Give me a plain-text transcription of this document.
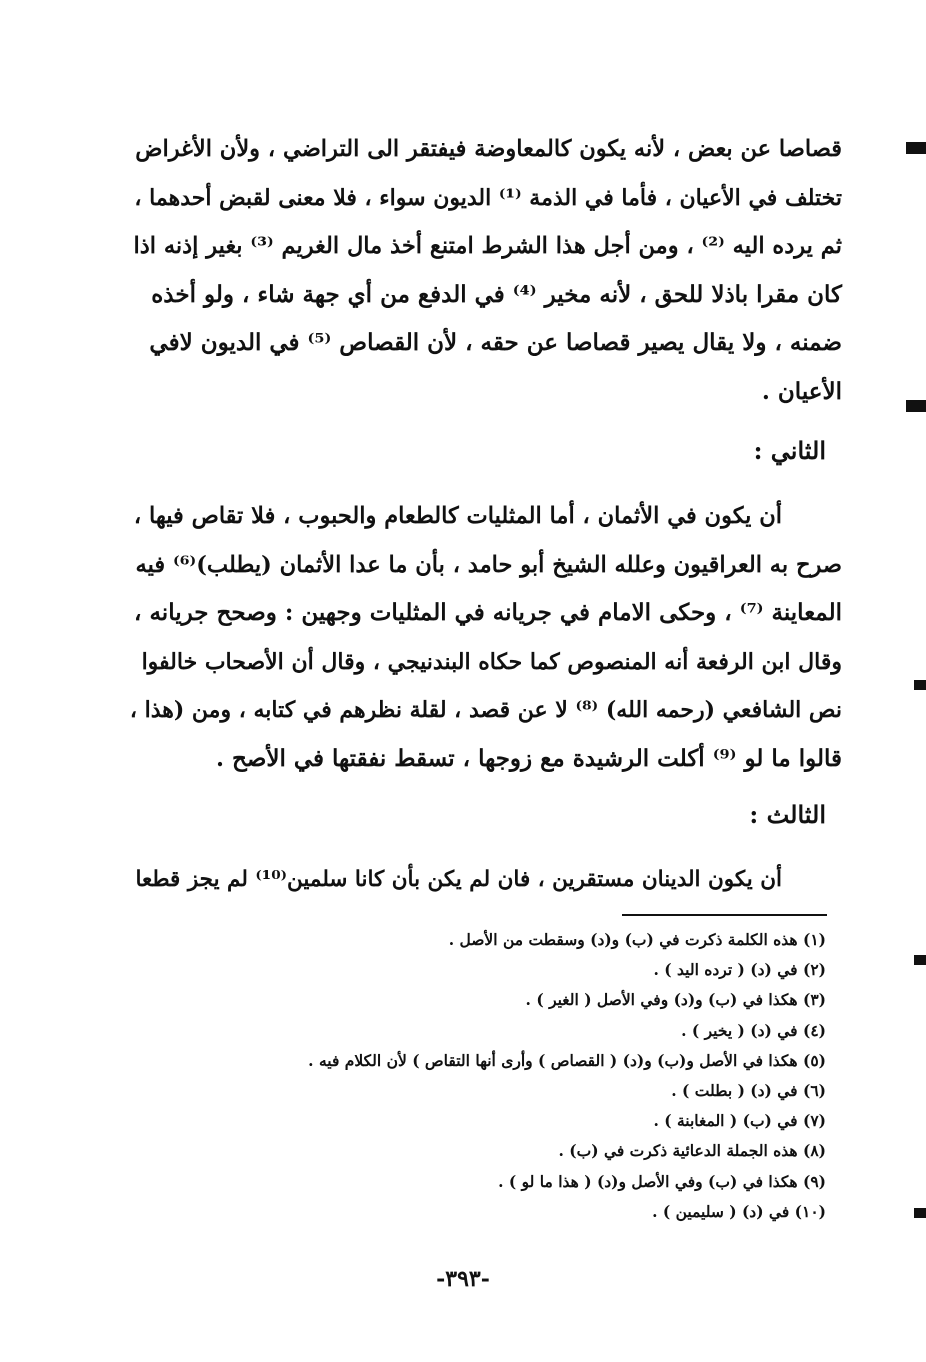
قصاصا عن بعض ، لأنه يكون كالمعاوضة فيفتقر الى التراضي ، ولأن الأغراض
تختلف في الأعيان ، فأما في الذمة ⁽¹⁾ الديون سواء ، فلا معنى لقبض أحدهما ،
ثم يرده اليه ⁽²⁾ ، ومن أجل هذا الشرط امتنع أخذ مال الغريم ⁽³⁾ بغير إذنه اذا
كان مقرا باذلا للحق ، لأنه مخير ⁽⁴⁾ في الدفع من أي جهة شاء ، ولو أخذه
ضمنه ، ولا يقال يصير قصاصا عن حقه ، لأن القصاص ⁽⁵⁾ في الديون لافي
الأعيان .
الثاني :
أن يكون في الأثمان ، أما المثليات كالطعام والحبوب ، فلا تقاص فيها ،
صرح به العراقيون وعلله الشيخ أبو حامد ، بأن ما عدا الأثمان (يطلب)⁽⁶⁾ فيه
المعاينة ⁽⁷⁾ ، وحكى الامام في جريانه في المثليات وجهين : وصحح جريانه ،
وقال ابن الرفعة أنه المنصوص كما حكاه البندنيجي ، وقال أن الأصحاب خالفوا
نص الشافعي (رحمه الله) ⁽⁸⁾ لا عن قصد ، لقلة نظرهم في كتابه ، ومن (هذا ،
قالوا ما لو ⁽⁹⁾ أكلت الرشيدة مع زوجها ، تسقط نفقتها في الأصح .
الثالث :
أن يكون الدينان مستقرين ، فان لم يكن بأن كانا سلمين⁽¹⁰⁾ لم يجز قطعا
(١) هذه الكلمة ذكرت في (ب) و(د) وسقطت من الأصل .
(٢) في (د) ( ترده اليد ) .
(٣) هكذا في (ب) و(د) وفي الأصل ( الغير ) .
(٤) في (د) ( يخير ) .
(٥) هكذا في الأصل و(ب) و(د) ( القصاص ) وأرى أنها التقاص ) لأن الكلام فيه .
(٦) في (د) ( بطلت ) .
(٧) في (ب) ( المغابنة ) .
(٨) هذه الجملة الدعائية ذكرت في (ب) .
(٩) هكذا في (ب) وفي الأصل و(د) ( هذا ما لو ) .
(١٠) في (د) ( سليمين ) .
-٣٩٣-
